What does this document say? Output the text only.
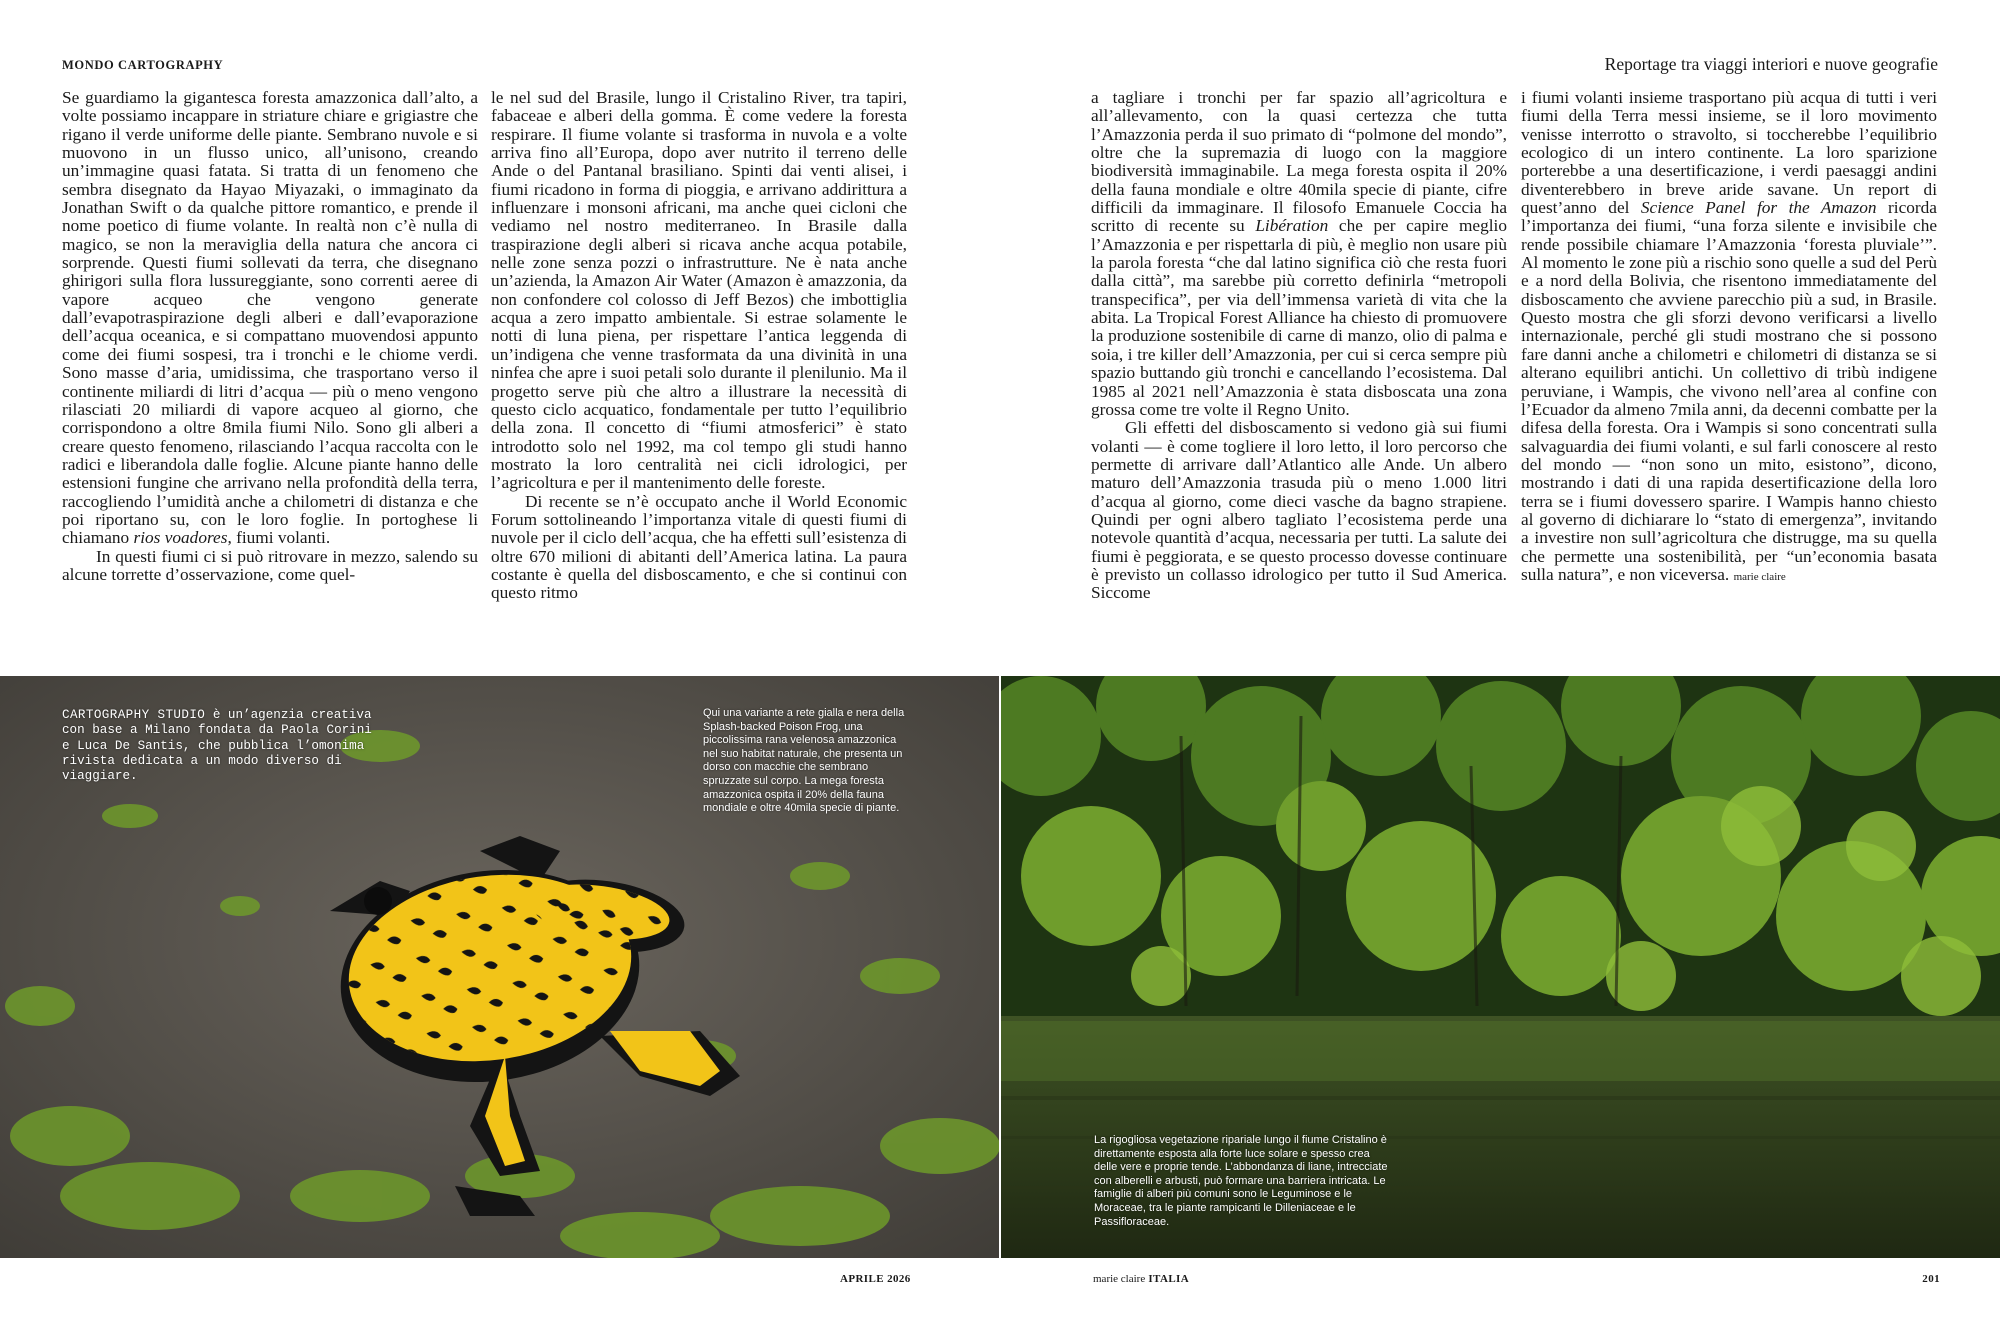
MONDO CARTOGRAPHY	Reportage tra viaggi interiori e nuove geografie

Se guardiamo la gigantesca foresta amazzonica dall’alto, a volte possiamo incappare in striature chiare e grigiastre che rigano il verde uniforme delle piante. Sembrano nuvole e si muovono in un flusso unico, all’unisono, creando un’immagine quasi fatata. Si tratta di un fenomeno che sembra disegnato da Hayao Miyazaki, o immaginato da Jonathan Swift o da qualche pittore romantico, e prende il nome poetico di fiume volante. In realtà non c’è nulla di magico, se non la meraviglia della natura che ancora ci sorprende. Questi fiumi sollevati da terra, che disegnano ghirigori sulla flora lussureggiante, sono correnti aeree di vapore acqueo che vengono generate dall’evapotraspirazione degli alberi e dall’evaporazione dell’acqua oceanica, e si compattano muovendosi appunto come dei fiumi sospesi, tra i tronchi e le chiome verdi. Sono masse d’aria, umidissima, che trasportano verso il continente miliardi di litri d’acqua — più o meno vengono rilasciati 20 miliardi di vapore acqueo al giorno, che corrispondono a oltre 8mila fiumi Nilo. Sono gli alberi a creare questo fenomeno, rilasciando l’acqua raccolta con le radici e liberandola dalle foglie. Alcune piante hanno delle estensioni fungine che arrivano nella profondità della terra, raccogliendo l’umidità anche a chilometri di distanza e che poi riportano su, con le loro foglie. In portoghese li chiamano rios voadores, fiumi volanti.

In questi fiumi ci si può ritrovare in mezzo, salendo su alcune torrette d’osservazione, come quel-

le nel sud del Brasile, lungo il Cristalino River, tra tapiri, fabaceae e alberi della gomma. È come vedere la foresta respirare. Il fiume volante si trasforma in nuvola e a volte arriva fino all’Europa, dopo aver nutrito il terreno delle Ande o del Pantanal brasiliano. Spinti dai venti alisei, i fiumi ricadono in forma di pioggia, e arrivano addirittura a influenzare i monsoni africani, ma anche quei cicloni che vediamo nel nostro mediterraneo. In Brasile dalla traspirazione degli alberi si ricava anche acqua potabile, nelle zone senza pozzi o infrastrutture. Ne è nata anche un’azienda, la Amazon Air Water (Amazon è amazzonia, da non confondere col colosso di Jeff Bezos) che imbottiglia acqua a zero impatto ambientale. Si estrae solamente le notti di luna piena, per rispettare l’antica leggenda di un’indigena che venne trasformata da una divinità in una ninfea che apre i suoi petali solo durante il plenilunio. Ma il progetto serve più che altro a illustrare la necessità di questo ciclo acquatico, fondamentale per tutto l’equilibrio della zona. Il concetto di “fiumi atmosferici” è stato introdotto solo nel 1992, ma col tempo gli studi hanno mostrato la loro centralità nei cicli idrologici, per l’agricoltura e per il mantenimento delle foreste.

Di recente se n’è occupato anche il World Economic Forum sottolineando l’importanza vitale di questi fiumi di nuvole per il ciclo dell’acqua, che ha effetti sull’esistenza di oltre 670 milioni di abitanti dell’America latina. La paura costante è quella del disboscamento, e che si continui con questo ritmo

a tagliare i tronchi per far spazio all’agricoltura e all’allevamento, con la quasi certezza che tutta l’Amazzonia perda il suo primato di “polmone del mondo”, oltre che la supremazia di luogo con la maggiore biodiversità immaginabile. La mega foresta ospita il 20% della fauna mondiale e oltre 40mila specie di piante, cifre difficili da immaginare. Il filosofo Emanuele Coccia ha scritto di recente su Libération che per capire meglio l’Amazzonia e per rispettarla di più, è meglio non usare più la parola foresta “che dal latino significa ciò che resta fuori dalla città”, ma sarebbe più corretto definirla “metropoli transpecifica”, per via dell’immensa varietà di vita che la abita. La Tropical Forest Alliance ha chiesto di promuovere la produzione sostenibile di carne di manzo, olio di palma e soia, i tre killer dell’Amazzonia, per cui si cerca sempre più spazio buttando giù tronchi e cancellando l’ecosistema. Dal 1985 al 2021 nell’Amazzonia è stata disboscata una zona grossa come tre volte il Regno Unito.

Gli effetti del disboscamento si vedono già sui fiumi volanti — è come togliere il loro letto, il loro percorso che permette di arrivare dall’Atlantico alle Ande. Un albero maturo dell’Amazzonia trasuda più o meno 1.000 litri d’acqua al giorno, come dieci vasche da bagno strapiene. Quindi per ogni albero tagliato l’ecosistema perde una notevole quantità d’acqua, necessaria per tutti. La salute dei fiumi è peggiorata, e se questo processo dovesse continuare è previsto un collasso idrologico per tutto il Sud America. Siccome

i fiumi volanti insieme trasportano più acqua di tutti i veri fiumi della Terra messi insieme, se il loro movimento venisse interrotto o stravolto, si toccherebbe l’equilibrio ecologico di un intero continente. La loro sparizione porterebbe a una desertificazione, i verdi paesaggi andini diventerebbero in breve aride savane. Un report di quest’anno del Science Panel for the Amazon ricorda l’importanza dei fiumi, “una forza silente e invisibile che rende possibile chiamare l’Amazzonia ‘foresta pluviale’”. Al momento le zone più a rischio sono quelle a sud del Perù e a nord della Bolivia, che risentono immediatamente del disboscamento che avviene parecchio più a sud, in Brasile. Questo mostra che gli sforzi devono verificarsi a livello internazionale, perché gli studi mostrano che si possono fare danni anche a chilometri e chilometri di distanza se si alterano equilibri antichi. Un collettivo di tribù indigene peruviane, i Wampis, che vivono nell’area al confine con l’Ecuador da almeno 7mila anni, da decenni combatte per la difesa della foresta. Ora i Wampis si sono concentrati sulla salvaguardia dei fiumi volanti, e sul farli conoscere al resto del mondo — “non sono un mito, esistono”, dicono, mostrando i dati di una rapida desertificazione della loro terra se i fiumi dovessero sparire. I Wampis hanno chiesto al governo di dichiarare lo “stato di emergenza”, invitando a investire non sull’agricoltura che distrugge, ma su quella che permette una sostenibilità, per “un’economia basata sulla natura”, e non viceversa. marie claire

CARTOGRAPHY STUDIO è un’agenzia creativa con base a Milano fondata da Paola Corini e Luca De Santis, che pubblica l’omonima rivista dedicata a un modo diverso di viaggiare.
Qui una variante a rete gialla e nera della Splash-backed Poison Frog, una piccolissima rana velenosa amazzonica nel suo habitat naturale, che presenta un dorso con macchie che sembrano spruzzate sul corpo. La mega foresta amazzonica ospita il 20% della fauna mondiale e oltre 40mila specie di piante.
La rigogliosa vegetazione ripariale lungo il fiume Cristalino è direttamente esposta alla forte luce solare e spesso crea delle vere e proprie tende. L’abbondanza di liane, intrecciate con alberelli e arbusti, può formare una barriera intricata. Le famiglie di alberi più comuni sono le Leguminose e le Moraceae, tra le piante rampicanti le Dilleniaceae e le Passifloraceae.
APRILE 2026	marie claire ITALIA	201
